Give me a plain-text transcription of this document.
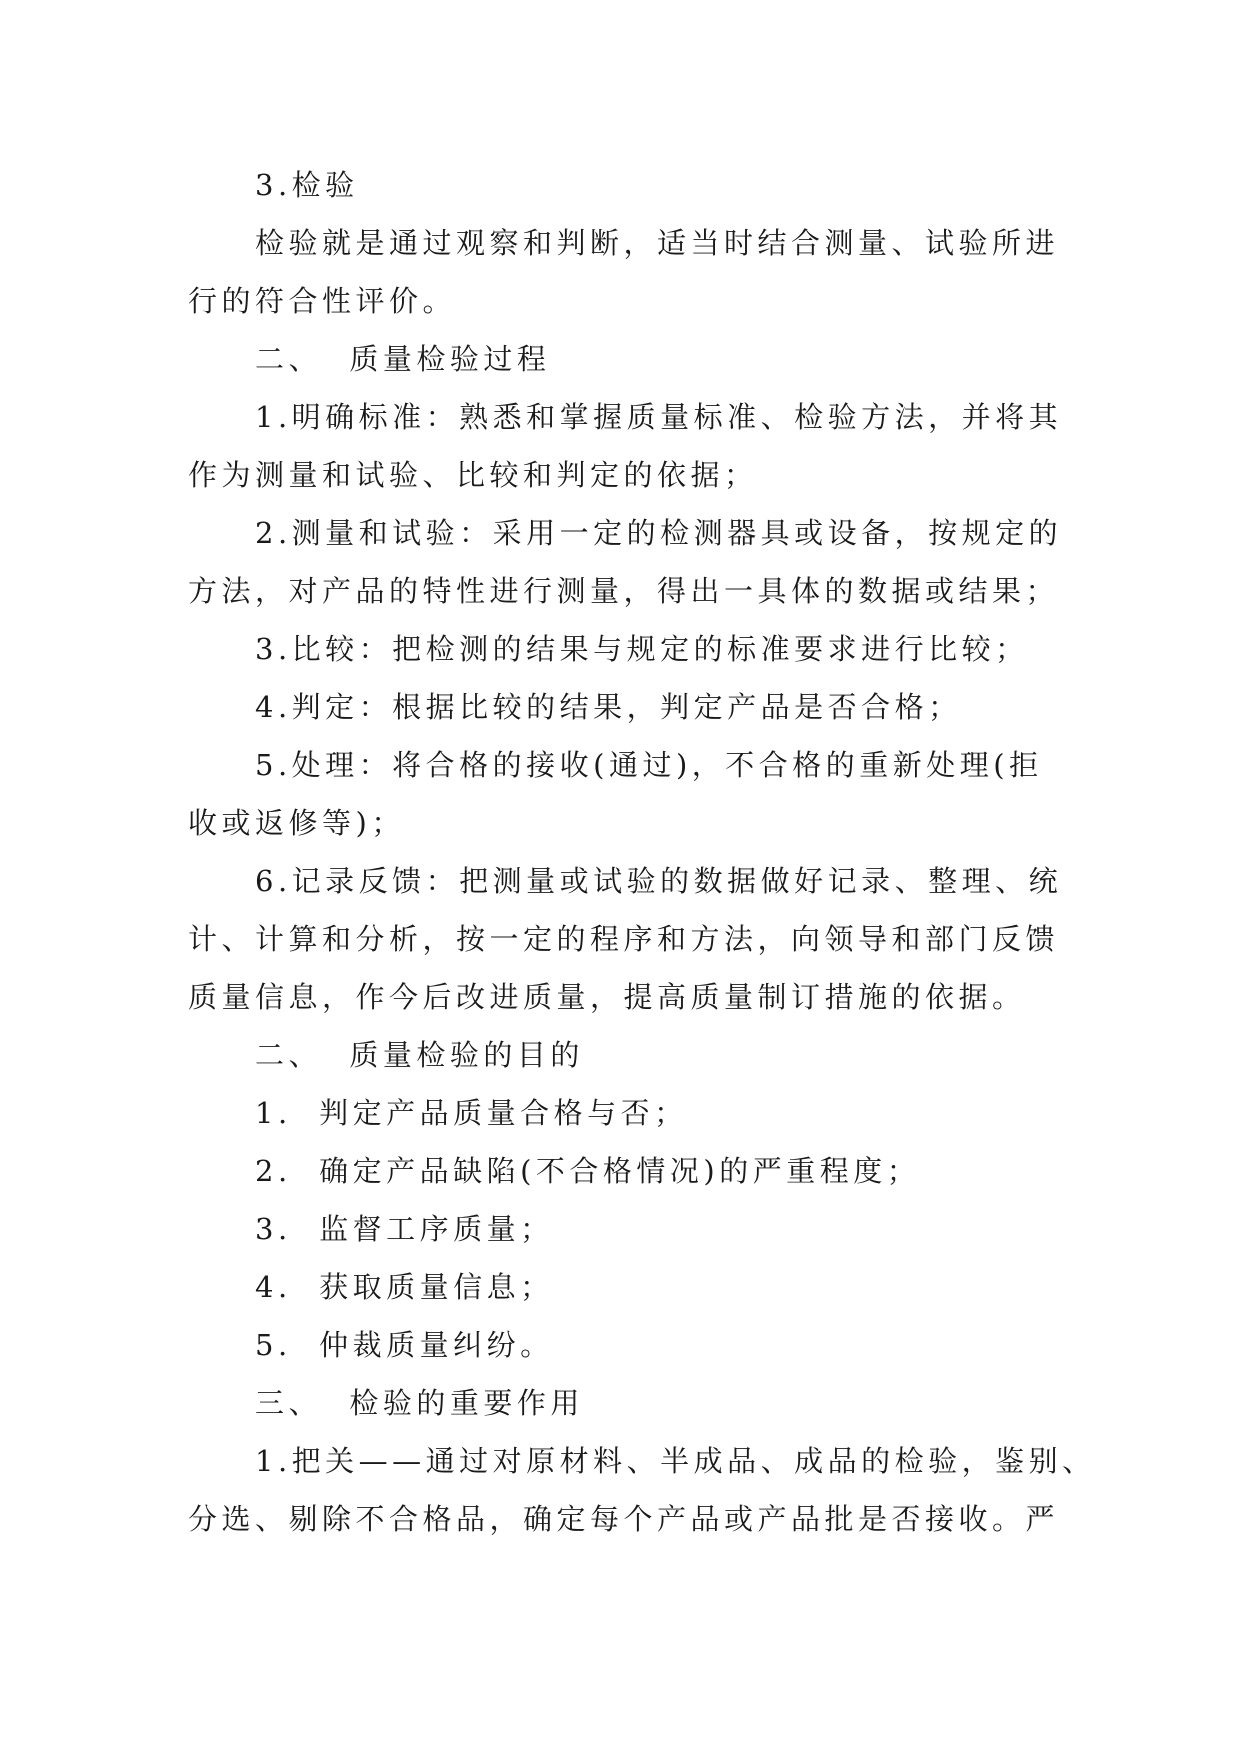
3.检验
检验就是通过观察和判断，适当时结合测量、试验所进
行的符合性评价。
二、  质量检验过程
1.明确标准：熟悉和掌握质量标准、检验方法，并将其
作为测量和试验、比较和判定的依据；
2.测量和试验：采用一定的检测器具或设备，按规定的
方法，对产品的特性进行测量，得出一具体的数据或结果；
3.比较：把检测的结果与规定的标准要求进行比较；
4.判定：根据比较的结果，判定产品是否合格；
5.处理：将合格的接收(通过)，不合格的重新处理(拒
收或返修等)；
6.记录反馈：把测量或试验的数据做好记录、整理、统
计、计算和分析，按一定的程序和方法，向领导和部门反馈
质量信息，作今后改进质量，提高质量制订措施的依据。
二、  质量检验的目的
1.  判定产品质量合格与否；
2.  确定产品缺陷(不合格情况)的严重程度；
3.  监督工序质量；
4.  获取质量信息；
5.  仲裁质量纠纷。
三、  检验的重要作用
1.把关——通过对原材料、半成品、成品的检验，鉴别、
分选、剔除不合格品，确定每个产品或产品批是否接收。严
